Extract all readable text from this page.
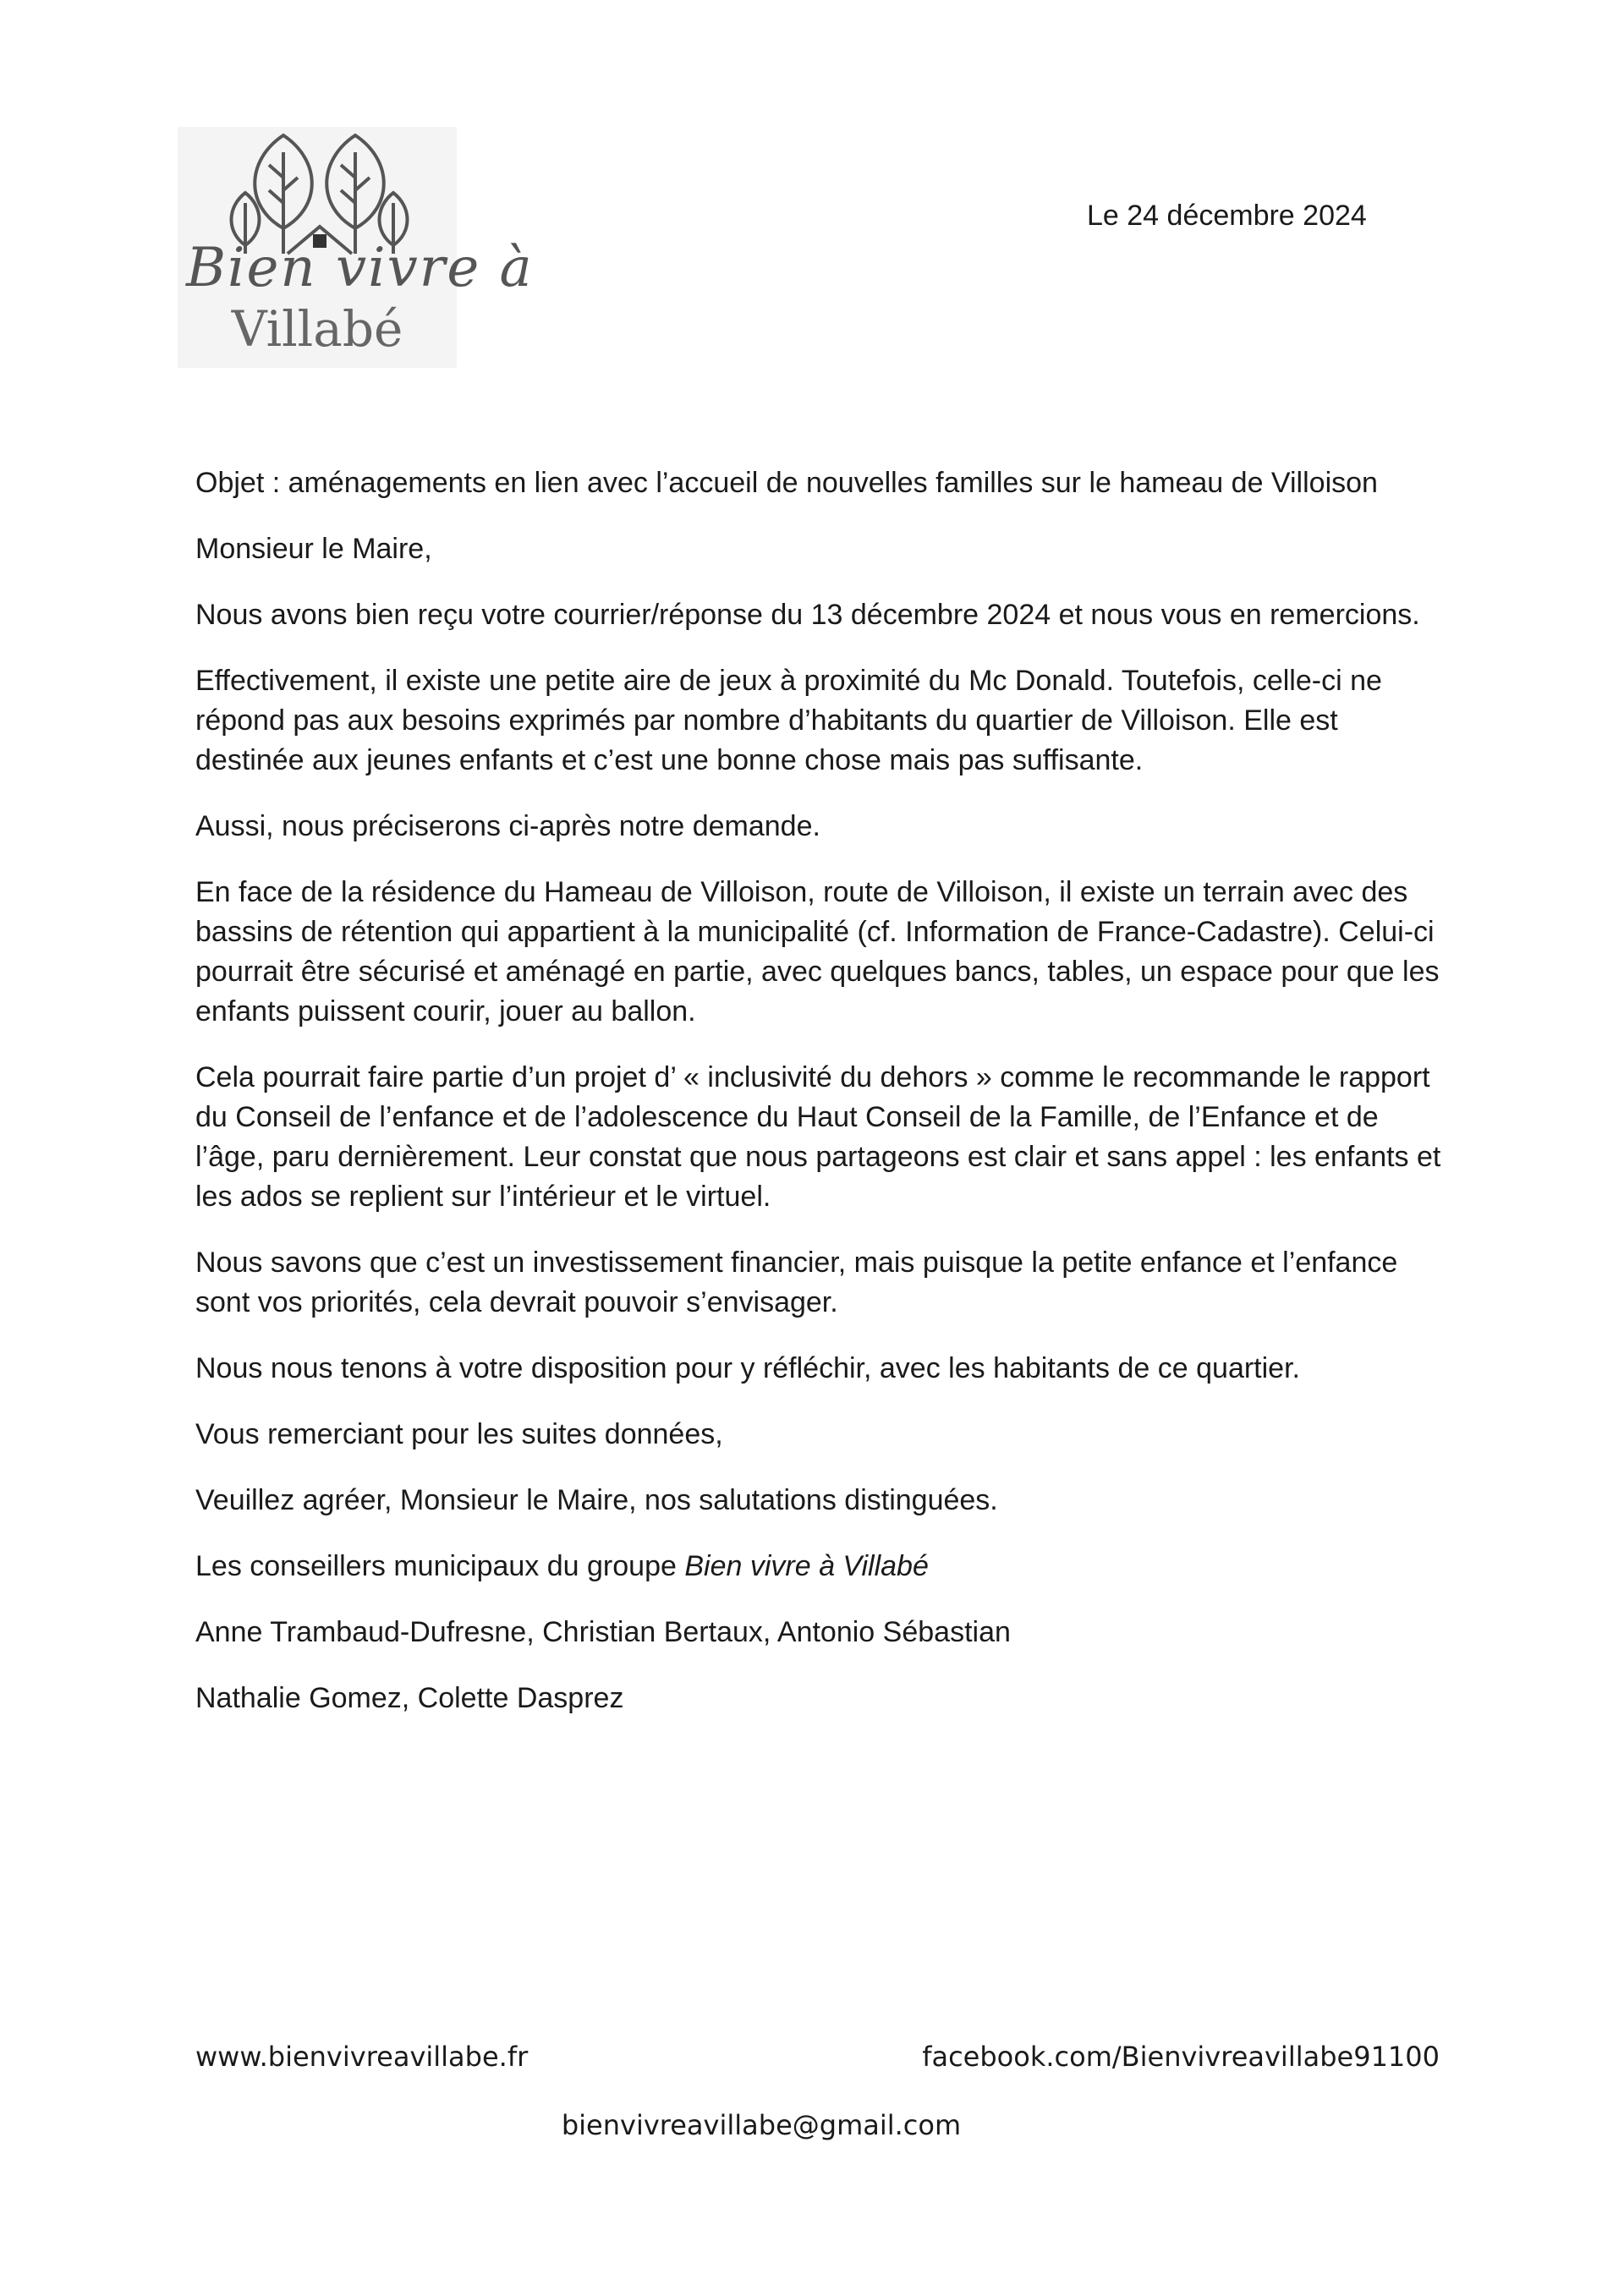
Bien vivre à
Villabé
Le 24 décembre 2024

Objet : aménagements en lien avec l’accueil de nouvelles familles sur le hameau de Villoison

Monsieur le Maire,

Nous avons bien reçu votre courrier/réponse du 13 décembre 2024 et nous vous en remercions.

Effectivement, il existe une petite aire de jeux à proximité du Mc Donald. Toutefois, celle-ci ne répond pas aux besoins exprimés par nombre d’habitants du quartier de Villoison. Elle est destinée aux jeunes enfants et c’est une bonne chose mais pas suffisante.

Aussi, nous préciserons ci-après notre demande.

En face de la résidence du Hameau de Villoison, route de Villoison, il existe un terrain avec des bassins de rétention qui appartient à la municipalité (cf. Information de France-Cadastre). Celui-ci pourrait être sécurisé et aménagé en partie, avec quelques bancs, tables, un espace pour que les enfants puissent courir, jouer au ballon.

Cela pourrait faire partie d’un projet d’ « inclusivité du dehors » comme le recommande le rapport du Conseil de l’enfance et de l’adolescence du Haut Conseil de la Famille, de l’Enfance et de l’âge, paru dernièrement. Leur constat que nous partageons est clair et sans appel : les enfants et les ados se replient sur l’intérieur et le virtuel.

Nous savons que c’est un investissement financier, mais puisque la petite enfance et l’enfance sont vos priorités, cela devrait pouvoir s’envisager.

Nous nous tenons à votre disposition pour y réfléchir, avec les habitants de ce quartier.

Vous remerciant pour les suites données,

Veuillez agréer, Monsieur le Maire, nos salutations distinguées.

Les conseillers municipaux du groupe Bien vivre à Villabé

Anne Trambaud-Dufresne, Christian Bertaux, Antonio Sébastian

Nathalie Gomez, Colette Dasprez

www.bienvivreavillabe.fr	facebook.com/Bienvivreavillabe91100
bienvivreavillabe@gmail.com
